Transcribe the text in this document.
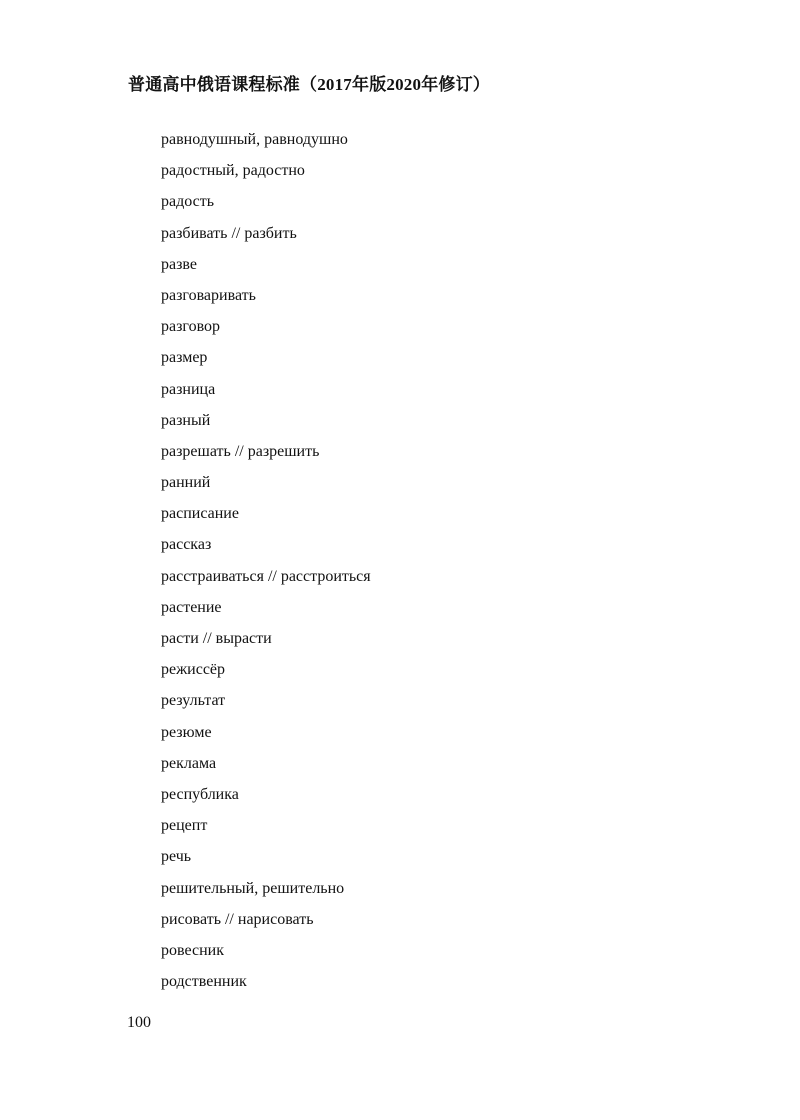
普通高中俄语课程标准（2017年版2020年修订）
равнодушный, равнодушно
радостный, радостно
радость
разбивать // разбить
разве
разговаривать
разговор
размер
разница
разный
разрешать // разрешить
ранний
расписание
рассказ
расстраиваться // расстроиться
растение
расти // вырасти
режиссёр
результат
резюме
реклама
республика
рецепт
речь
решительный, решительно
рисовать // нарисовать
ровесник
родственник
100
